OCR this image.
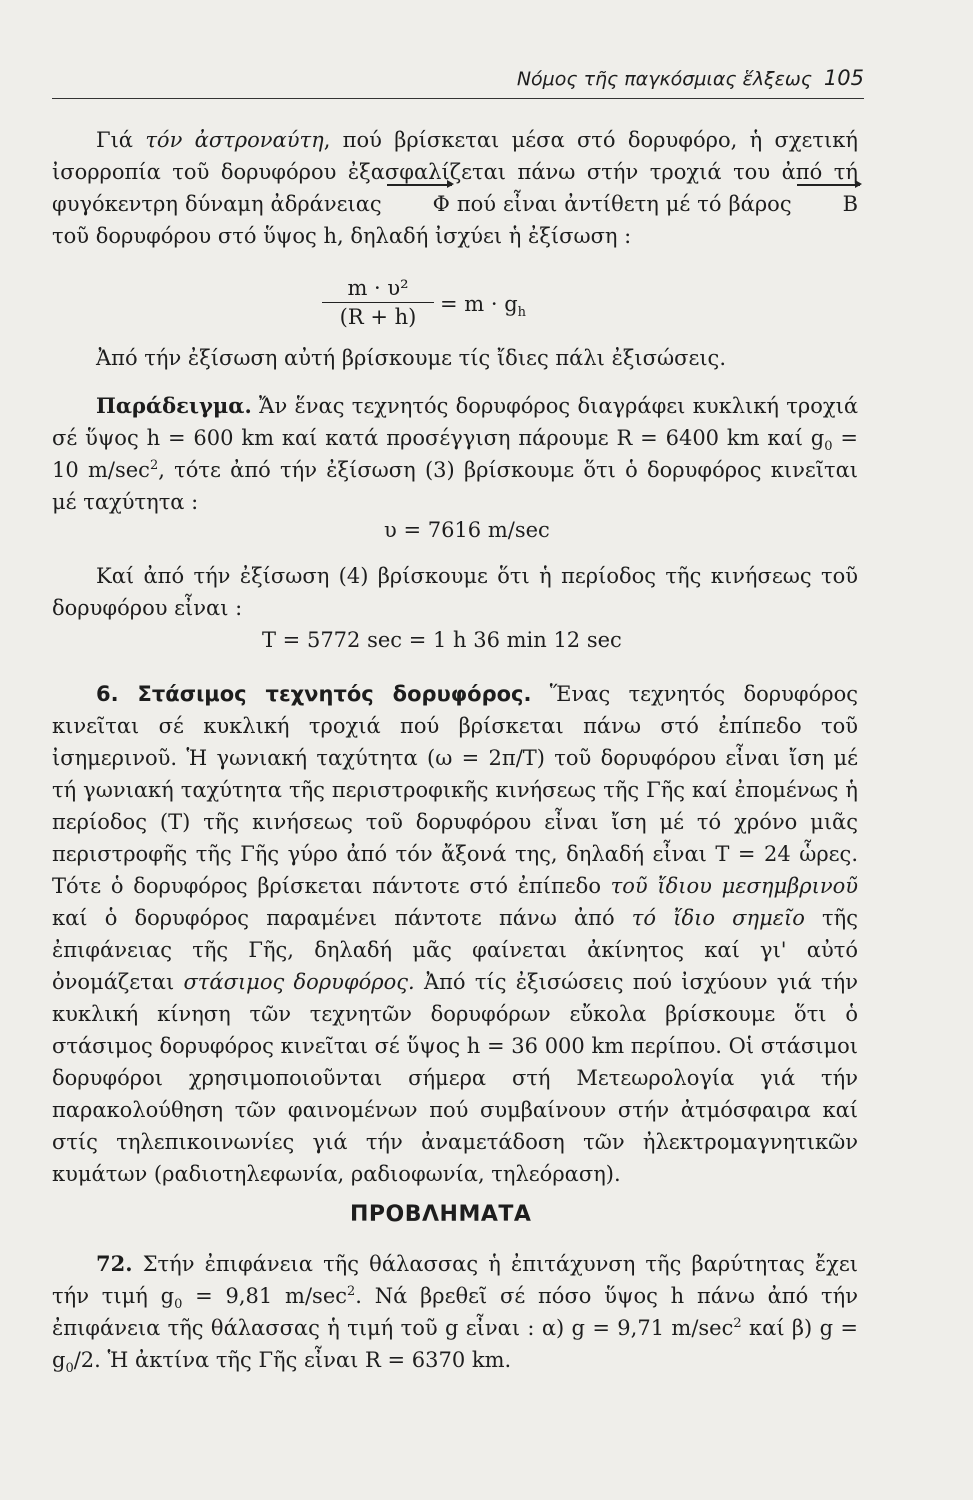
Νόμος τῆς παγκόσμιας ἕλξεως 105
Γιά τόν ἀστροναύτη, πού βρίσκεται μέσα στό δορυφόρο, ἡ σχετική ἰσορροπία τοῦ δορυφόρου ἐξασφαλίζεται πάνω στήν τροχιά του ἀπό τή φυγόκεντρη δύναμη ἀδράνειας Φ πού εἶναι ἀντίθετη μέ τό βάρος B τοῦ δορυφόρου στό ὕψος h, δηλαδή ἰσχύει ἡ ἐξίσωση :
$\frac{\text{m · υ²}}{(R + h)} = m \cdot g_h$
Ἀπό τήν ἐξίσωση αὐτή βρίσκουμε τίς ἴδιες πάλι ἐξισώσεις.
Παράδειγμα. Ἄν ἕνας τεχνητός δορυφόρος διαγράφει κυκλική τροχιά σέ ὕψος h = 600 km καί κατά προσέγγιση πάρουμε R = 6400 km καί $g_0 = 10$ $m/\sec^2$, τότε ἀπό τήν ἐξίσωση (3) βρίσκουμε ὅτι ὁ δορυφόρος κινεῖται μέ ταχύτητα :
υ = 7616 m/sec
Καί ἀπό τήν ἐξίσωση (4) βρίσκουμε ὅτι ἡ περίοδος τῆς κινήσεως τοῦ δορυφόρου εἶναι :
T = 5772 sec = 1 h 36 min 12 sec
6. Στάσιμος τεχνητός δορυφόρος. Ἕνας τεχνητός δορυφόρος κινεῖται σέ κυκλική τροχιά πού βρίσκεται πάνω στό ἐπίπεδο τοῦ ἰσημερινοῦ. Ἡ γωνιακή ταχύτητα (ω = 2π/T) τοῦ δορυφόρου εἶναι ἴση μέ τή γωνιακή ταχύτητα τῆς περιστροφικῆς κινήσεως τῆς Γῆς καί ἐπομένως ἡ περίοδος (T) τῆς κινήσεως τοῦ δορυφόρου εἶναι ἴση μέ τό χρόνο μιᾶς περιστροφῆς τῆς Γῆς γύρο ἀπό τόν ἄξονά της, δηλαδή εἶναι T = 24 ὧρες. Τότε ὁ δορυφόρος βρίσκεται πάντοτε στό ἐπίπεδο τοῦ ἴδιου μεσημβρινοῦ καί ὁ δορυφόρος παραμένει πάντοτε πάνω ἀπό τό ἴδιο σημεῖο τῆς ἐπιφάνειας τῆς Γῆς, δηλαδή μᾶς φαίνεται ἀκίνητος καί γι' αὐτό ὀνομάζεται στάσιμος δορυφόρος. Ἀπό τίς ἐξισώσεις πού ἰσχύουν γιά τήν κυκλική κίνηση τῶν τεχνητῶν δορυφόρων εὔκολα βρίσκουμε ὅτι ὁ στάσιμος δορυφόρος κινεῖται σέ ὕψος h = 36 000 km περίπου. Οἱ στάσιμοι δορυφόροι χρησιμοποιοῦνται σήμερα στή Μετεωρολογία γιά τήν παρακολούθηση τῶν φαινομένων πού συμβαίνουν στήν ἀτμόσφαιρα καί στίς τηλεπικοινωνίες γιά τήν ἀναμετάδοση τῶν ἠλεκτρομαγνητικῶν κυμάτων (ραδιοτηλεφωνία, ραδιοφωνία, τηλεόραση).
ΠΡΟΒΛΗΜΑΤΑ
72. Στήν ἐπιφάνεια τῆς θάλασσας ἡ ἐπιτάχυνση τῆς βαρύτητας ἔχει τήν τιμή $g_0 = 9,81$ $m/\sec^2$. Νά βρεθεῖ σέ πόσο ὕψος h πάνω ἀπό τήν ἐπιφάνεια τῆς θάλασσας ἡ τιμή τοῦ g εἶναι : α) g = 9,71 $m/\sec^2$ καί β) $g = g_0/2$. Ἡ ἀκτίνα τῆς Γῆς εἶναι R = 6370 km.
